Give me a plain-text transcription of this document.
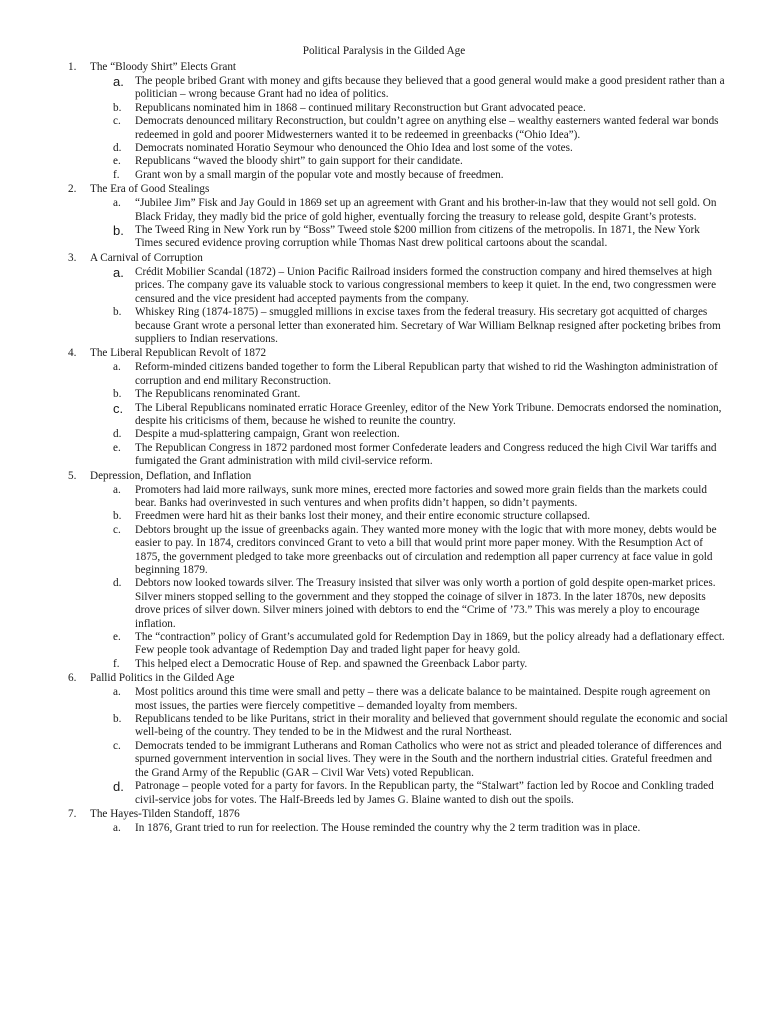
Political Paralysis in the Gilded Age
1.	The “Bloody Shirt” Elects Grant
a. The people bribed Grant with money and gifts because they believed that a good general would make a good president rather than a politician – wrong because Grant had no idea of politics.
b.	Republicans nominated him in 1868 – continued military Reconstruction but Grant advocated peace.
c.	Democrats denounced military Reconstruction, but couldn’t agree on anything else – wealthy easterners wanted federal war bonds redeemed in gold and poorer Midwesterners wanted it to be redeemed in greenbacks (“Ohio Idea”).
d.	Democrats nominated Horatio Seymour who denounced the Ohio Idea and lost some of the votes.
e.	Republicans “waved the bloody shirt” to gain support for their candidate.
f.	Grant won by a small margin of the popular vote and mostly because of freedmen.
2.	The Era of Good Stealings
a.	“Jubilee Jim” Fisk and Jay Gould in 1869 set up an agreement with Grant and his brother-in-law that they would not sell gold. On Black Friday, they madly bid the price of gold higher, eventually forcing the treasury to release gold, despite Grant’s protests.
b. The Tweed Ring in New York run by “Boss” Tweed stole $200 million from citizens of the metropolis. In 1871, the New York Times secured evidence proving corruption while Thomas Nast drew political cartoons about the scandal.
3.	A Carnival of Corruption
a. Crédit Mobilier Scandal (1872) – Union Pacific Railroad insiders formed the construction company and hired themselves at high prices. The company gave its valuable stock to various congressional members to keep it quiet. In the end, two congressmen were censured and the vice president had accepted payments from the company.
b.	Whiskey Ring (1874-1875) – smuggled millions in excise taxes from the federal treasury. His secretary got acquitted of charges because Grant wrote a personal letter than exonerated him. Secretary of War William Belknap resigned after pocketing bribes from suppliers to Indian reservations.
4.	The Liberal Republican Revolt of 1872
a.	Reform-minded citizens banded together to form the Liberal Republican party that wished to rid the Washington administration of corruption and end military Reconstruction.
b.	The Republicans renominated Grant.
c.	The Liberal Republicans nominated erratic Horace Greenley, editor of the New York Tribune. Democrats endorsed the nomination, despite his criticisms of them, because he wished to reunite the country.
d.	Despite a mud-splattering campaign, Grant won reelection.
e.	The Republican Congress in 1872 pardoned most former Confederate leaders and Congress reduced the high Civil War tariffs and fumigated the Grant administration with mild civil-service reform.
5.	Depression, Deflation, and Inflation
a.	Promoters had laid more railways, sunk more mines, erected more factories and sowed more grain fields than the markets could bear. Banks had overinvested in such ventures and when profits didn’t happen, so didn’t payments.
b.	Freedmen were hard hit as their banks lost their money, and their entire economic structure collapsed.
c.	Debtors brought up the issue of greenbacks again. They wanted more money with the logic that with more money, debts would be easier to pay. In 1874, creditors convinced Grant to veto a bill that would print more paper money. With the Resumption Act of 1875, the government pledged to take more greenbacks out of circulation and redemption all paper currency at face value in gold beginning 1879.
d.	Debtors now looked towards silver. The Treasury insisted that silver was only worth a portion of gold despite open-market prices. Silver miners stopped selling to the government and they stopped the coinage of silver in 1873. In the later 1870s, new deposits drove prices of silver down. Silver miners joined with debtors to end the “Crime of ’73.” This was merely a ploy to encourage inflation.
e.	The “contraction” policy of Grant’s accumulated gold for Redemption Day in 1869, but the policy already had a deflationary effect. Few people took advantage of Redemption Day and traded light paper for heavy gold.
f.	This helped elect a Democratic House of Rep. and spawned the Greenback Labor party.
6.	Pallid Politics in the Gilded Age
a.	Most politics around this time were small and petty – there was a delicate balance to be maintained. Despite rough agreement on most issues, the parties were fiercely competitive – demanded loyalty from members.
b.	Republicans tended to be like Puritans, strict in their morality and believed that government should regulate the economic and social well-being of the country. They tended to be in the Midwest and the rural Northeast.
c.	Democrats tended to be immigrant Lutherans and Roman Catholics who were not as strict and pleaded tolerance of differences and spurned government intervention in social lives. They were in the South and the northern industrial cities. Grateful freedmen and the Grand Army of the Republic (GAR – Civil War Vets) voted Republican.
d. Patronage – people voted for a party for favors. In the Republican party, the “Stalwart” faction led by Rocoe and Conkling traded civil-service jobs for votes. The Half-Breeds led by James G. Blaine wanted to dish out the spoils.
7.	The Hayes-Tilden Standoff, 1876
a.	In 1876, Grant tried to run for reelection. The House reminded the country why the 2 term tradition was in place.
